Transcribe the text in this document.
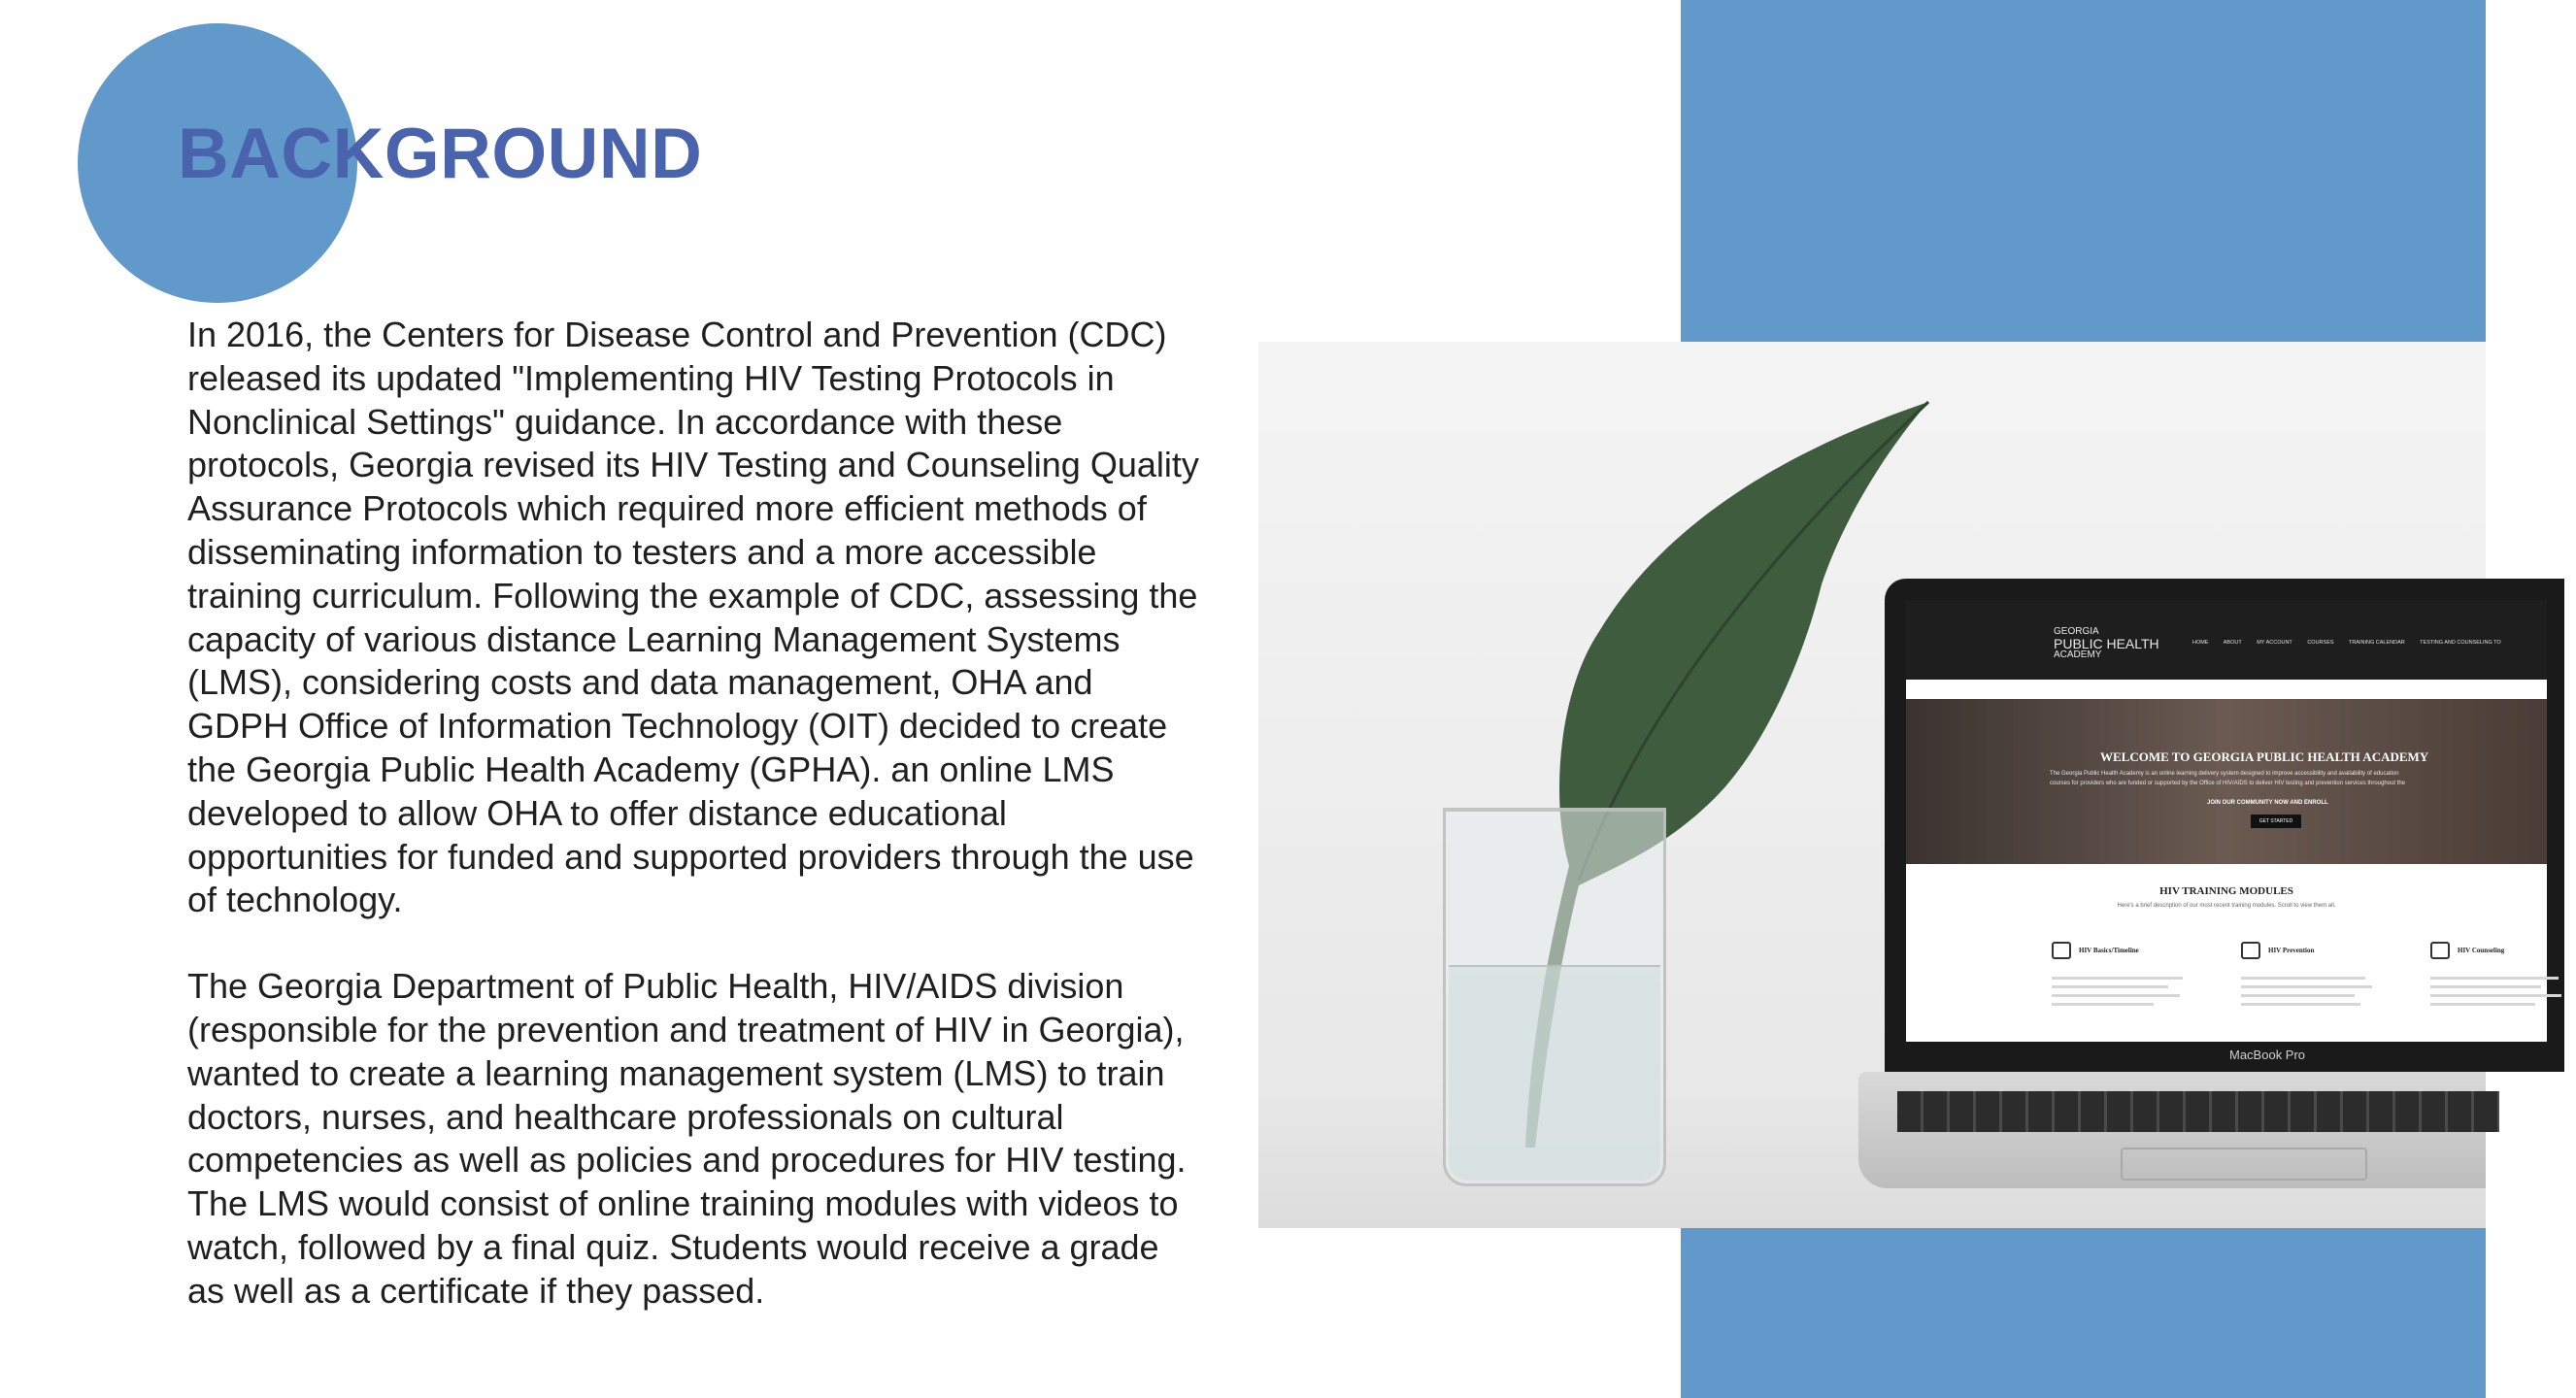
BACKGROUND

In 2016, the Centers for Disease Control and Prevention (CDC) released its updated "Implementing HIV Testing Protocols in Nonclinical Settings" guidance. In accordance with these protocols, Georgia revised its HIV Testing and Counseling Quality Assurance Protocols which required more efficient methods of disseminating information to testers and a more accessible training curriculum. Following the example of CDC, assessing the capacity of various distance Learning Management Systems (LMS), considering costs and data management, OHA and GDPH Office of Information Technology (OIT) decided to create the Georgia Public Health Academy (GPHA). an online LMS developed to allow OHA to offer distance educational opportunities for funded and supported providers through the use of technology.

The Georgia Department of Public Health, HIV/AIDS division (responsible for the prevention and treatment of HIV in Georgia), wanted to create a learning management system (LMS) to train doctors, nurses, and healthcare professionals on cultural competencies as well as policies and procedures for HIV testing. The LMS would consist of online training modules with videos to watch, followed by a final quiz. Students would receive a grade as well as a certificate if they passed.

GEORGIA
PUBLIC HEALTH
ACADEMY
HOME	ABOUT	MY ACCOUNT	COURSES	TRAINING CALENDAR	TESTING AND COUNSELING TO
WELCOME TO GEORGIA PUBLIC HEALTH ACADEMY
The Georgia Public Health Academy is an online learning delivery system designed to improve accessibility and availability of education
courses for providers who are funded or supported by the Office of HIV/AIDS to deliver HIV testing and prevention services throughout the
JOIN OUR COMMUNITY NOW AND ENROLL
GET STARTED
HIV TRAINING MODULES
Here's a brief description of our most recent training modules. Scroll to view them all.
HIV Basics/Timeline	HIV Prevention	HIV Counseling
MacBook Pro
